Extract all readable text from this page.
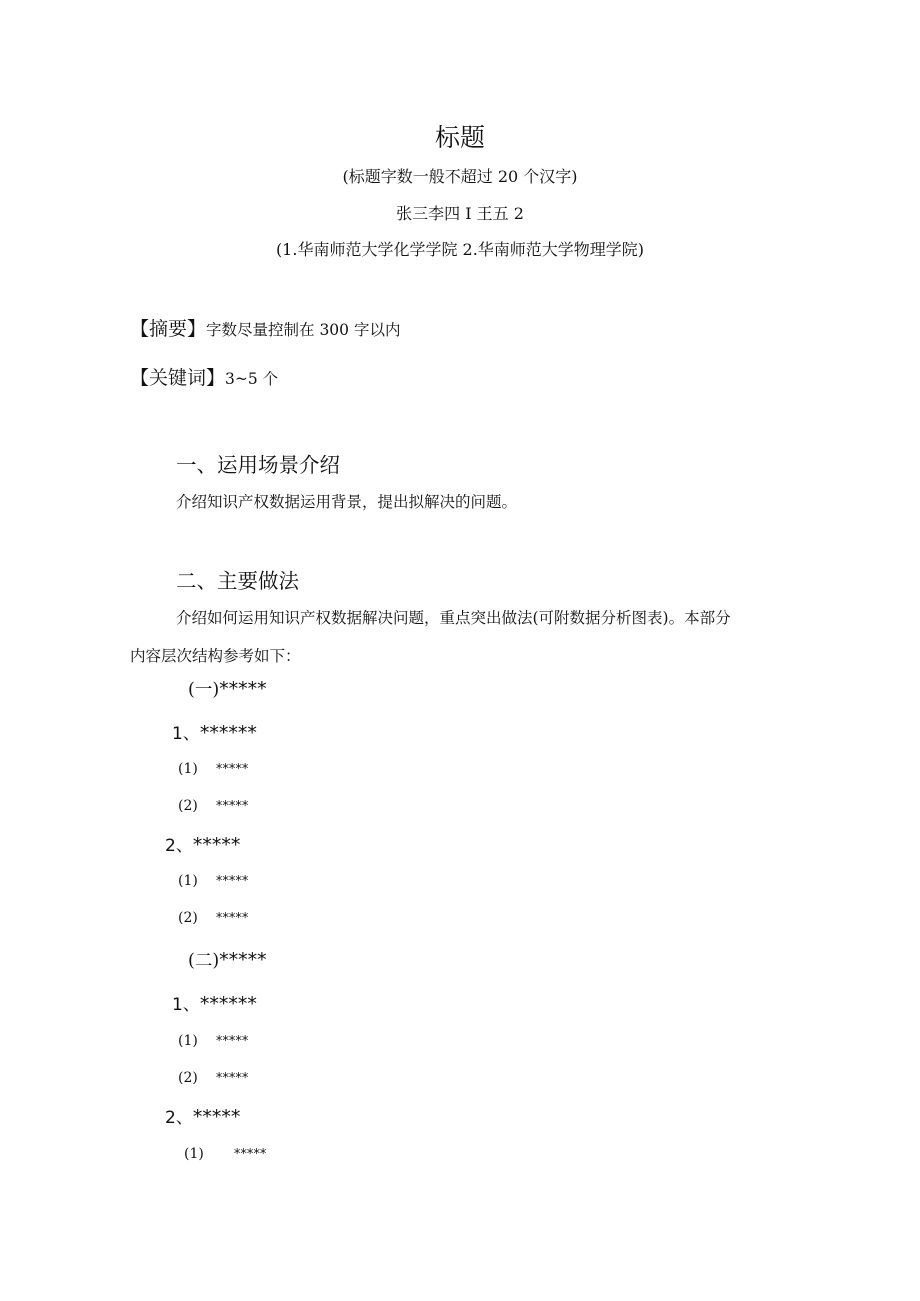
标题
(标题字数一般不超过 20 个汉字)
张三李四 I 王五 2
(1.华南师范大学化学学院 2.华南师范大学物理学院)
【摘要】字数尽量控制在 300 字以内
【关键词】3~5 个
一、运用场景介绍
介绍知识产权数据运用背景，提出拟解决的问题。
二、主要做法
介绍如何运用知识产权数据解决问题，重点突出做法(可附数据分析图表)。本部分
内容层次结构参考如下：
(一)*****
1、******
(1) *****
(2) *****
2、*****
(1) *****
(2) *****
(二)*****
1、******
(1) *****
(2) *****
2、*****
(1) *****
